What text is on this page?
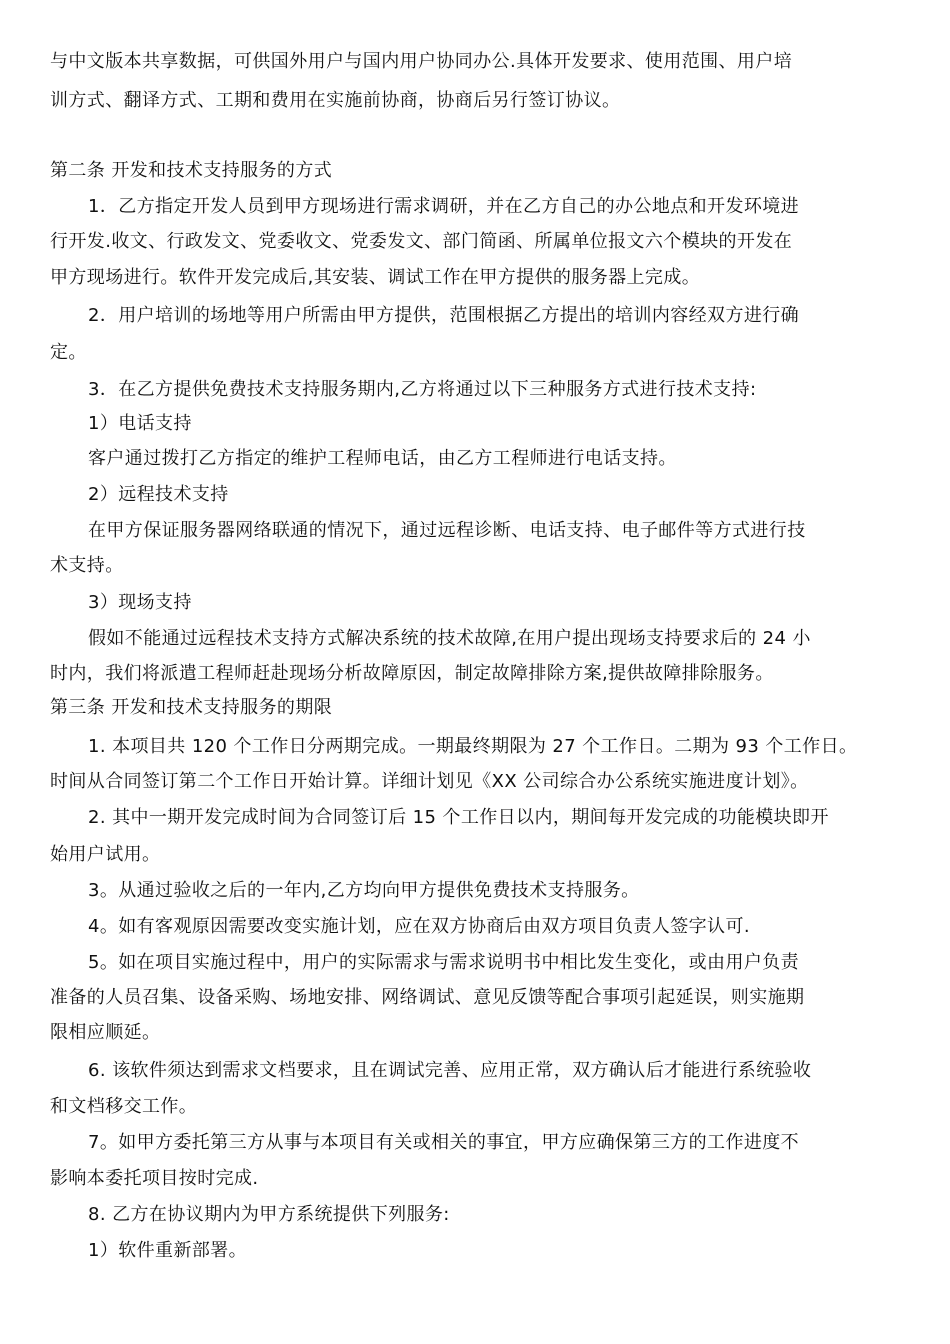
与中文版本共享数据，可供国外用户与国内用户协同办公.具体开发要求、使用范围、用户培
训方式、翻译方式、工期和费用在实施前协商，协商后另行签订协议。
第二条 开发和技术支持服务的方式
1．乙方指定开发人员到甲方现场进行需求调研，并在乙方自己的办公地点和开发环境进
行开发.收文、行政发文、党委收文、党委发文、部门简函、所属单位报文六个模块的开发在
甲方现场进行。软件开发完成后,其安装、调试工作在甲方提供的服务器上完成。
2．用户培训的场地等用户所需由甲方提供，范围根据乙方提出的培训内容经双方进行确
定。
3．在乙方提供免费技术支持服务期内,乙方将通过以下三种服务方式进行技术支持:
1）电话支持
客户通过拨打乙方指定的维护工程师电话，由乙方工程师进行电话支持。
2）远程技术支持
在甲方保证服务器网络联通的情况下，通过远程诊断、电话支持、电子邮件等方式进行技
术支持。
3）现场支持
假如不能通过远程技术支持方式解决系统的技术故障,在用户提出现场支持要求后的 24 小
时内，我们将派遣工程师赶赴现场分析故障原因，制定故障排除方案,提供故障排除服务。
第三条 开发和技术支持服务的期限
1. 本项目共 120 个工作日分两期完成。一期最终期限为 27 个工作日。二期为 93 个工作日。
时间从合同签订第二个工作日开始计算。详细计划见《XX 公司综合办公系统实施进度计划》。
2. 其中一期开发完成时间为合同签订后 15 个工作日以内，期间每开发完成的功能模块即开
始用户试用。
3。从通过验收之后的一年内,乙方均向甲方提供免费技术支持服务。
4。如有客观原因需要改变实施计划，应在双方协商后由双方项目负责人签字认可.
5。如在项目实施过程中，用户的实际需求与需求说明书中相比发生变化，或由用户负责
准备的人员召集、设备采购、场地安排、网络调试、意见反馈等配合事项引起延误，则实施期
限相应顺延。
6. 该软件须达到需求文档要求，且在调试完善、应用正常，双方确认后才能进行系统验收
和文档移交工作。
7。如甲方委托第三方从事与本项目有关或相关的事宜，甲方应确保第三方的工作进度不
影响本委托项目按时完成.
8. 乙方在协议期内为甲方系统提供下列服务:
1）软件重新部署。
